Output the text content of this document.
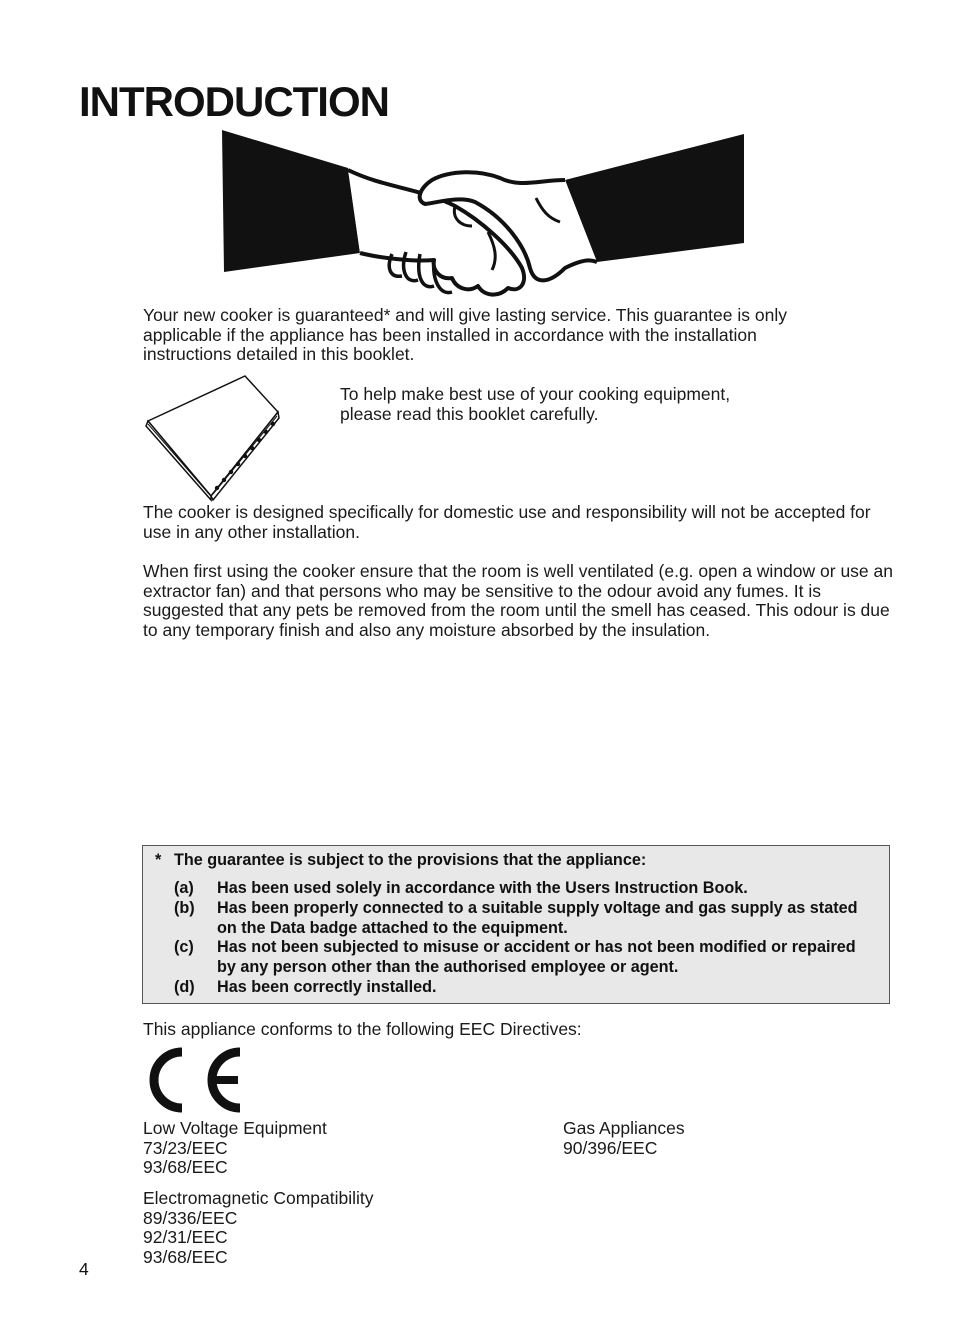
INTRODUCTION

Your new cooker is guaranteed* and will give lasting service. This guarantee is only applicable if the appliance has been installed in accordance with the installation instructions detailed in this booklet.

To help make best use of your cooking equipment,
please read this booklet carefully.

The cooker is designed specifically for domestic use and responsibility will not be accepted for use in any other installation.

When first using the cooker ensure that the room is well ventilated (e.g. open a window or use an extractor fan) and that persons who may be sensitive to the odour avoid any fumes. It is suggested that any pets be removed from the room until the smell has ceased. This odour is due to any temporary finish and also any moisture absorbed by the insulation.

* The guarantee is subject to the provisions that the appliance:
(a)	Has been used solely in accordance with the Users Instruction Book.
(b)	Has been properly connected to a suitable supply voltage and gas supply as stated on the Data badge attached to the equipment.
(c)	Has not been subjected to misuse or accident or has not been modified or repaired by any person other than the authorised employee or agent.
(d)	Has been correctly installed.
This appliance conforms to the following EEC Directives:
Low Voltage Equipment
73/23/EEC
93/68/EEC
Gas Appliances
90/396/EEC
Electromagnetic Compatibility
89/336/EEC
92/31/EEC
93/68/EEC
4
